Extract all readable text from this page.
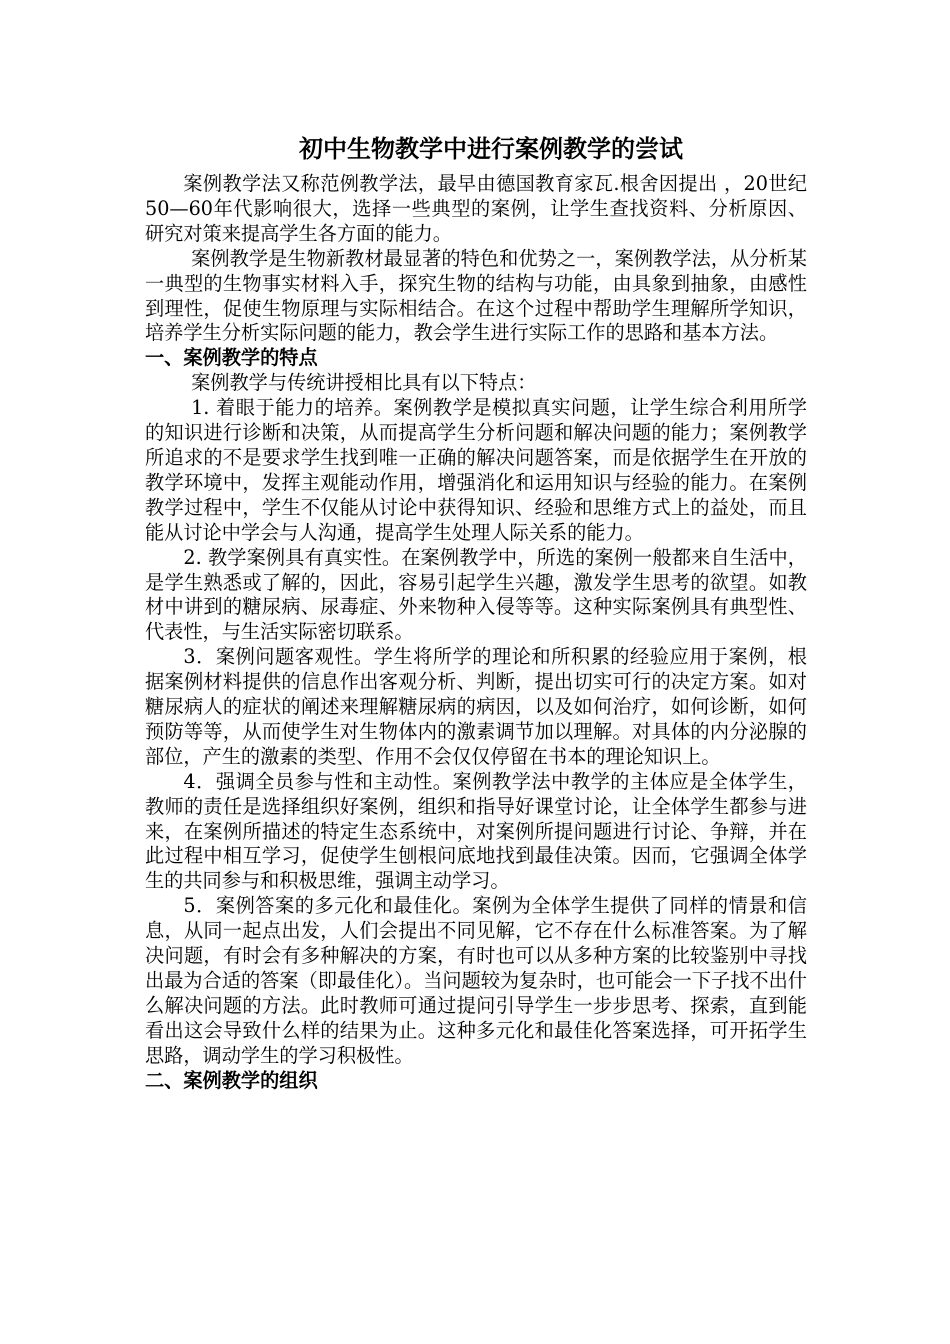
初中生物教学中进行案例教学的尝试

案例教学法又称范例教学法，最早由德国教育家瓦.根舍因提出 ，20世纪50—60年代影响很大，选择一些典型的案例，让学生查找资料、分析原因、研究对策来提高学生各方面的能力。

案例教学是生物新教材最显著的特色和优势之一，案例教学法，从分析某一典型的生物事实材料入手，探究生物的结构与功能，由具象到抽象，由感性到理性，促使生物原理与实际相结合。在这个过程中帮助学生理解所学知识，培养学生分析实际问题的能力，教会学生进行实际工作的思路和基本方法。

一、案例教学的特点

案例教学与传统讲授相比具有以下特点：

1. 着眼于能力的培养。案例教学是模拟真实问题，让学生综合利用所学的知识进行诊断和决策，从而提高学生分析问题和解决问题的能力；案例教学所追求的不是要求学生找到唯一正确的解决问题答案，而是依据学生在开放的教学环境中，发挥主观能动作用，增强消化和运用知识与经验的能力。在案例教学过程中，学生不仅能从讨论中获得知识、经验和思维方式上的益处，而且能从讨论中学会与人沟通，提高学生处理人际关系的能力。

2. 教学案例具有真实性。在案例教学中，所选的案例一般都来自生活中，是学生熟悉或了解的，因此，容易引起学生兴趣，激发学生思考的欲望。如教材中讲到的糖尿病、尿毒症、外来物种入侵等等。这种实际案例具有典型性、代表性，与生活实际密切联系。

3．案例问题客观性。学生将所学的理论和所积累的经验应用于案例，根据案例材料提供的信息作出客观分析、判断，提出切实可行的决定方案。如对糖尿病人的症状的阐述来理解糖尿病的病因，以及如何治疗，如何诊断，如何预防等等，从而使学生对生物体内的激素调节加以理解。对具体的内分泌腺的部位，产生的激素的类型、作用不会仅仅停留在书本的理论知识上。

4．强调全员参与性和主动性。案例教学法中教学的主体应是全体学生，教师的责任是选择组织好案例，组织和指导好课堂讨论，让全体学生都参与进来，在案例所描述的特定生态系统中，对案例所提问题进行讨论、争辩，并在此过程中相互学习，促使学生刨根问底地找到最佳决策。因而，它强调全体学生的共同参与和积极思维，强调主动学习。

5．案例答案的多元化和最佳化。案例为全体学生提供了同样的情景和信息，从同一起点出发，人们会提出不同见解，它不存在什么标准答案。为了解决问题，有时会有多种解决的方案，有时也可以从多种方案的比较鉴别中寻找出最为合适的答案（即最佳化）。当问题较为复杂时，也可能会一下子找不出什么解决问题的方法。此时教师可通过提问引导学生一步步思考、探索，直到能看出这会导致什么样的结果为止。这种多元化和最佳化答案选择，可开拓学生思路，调动学生的学习积极性。

二、案例教学的组织
